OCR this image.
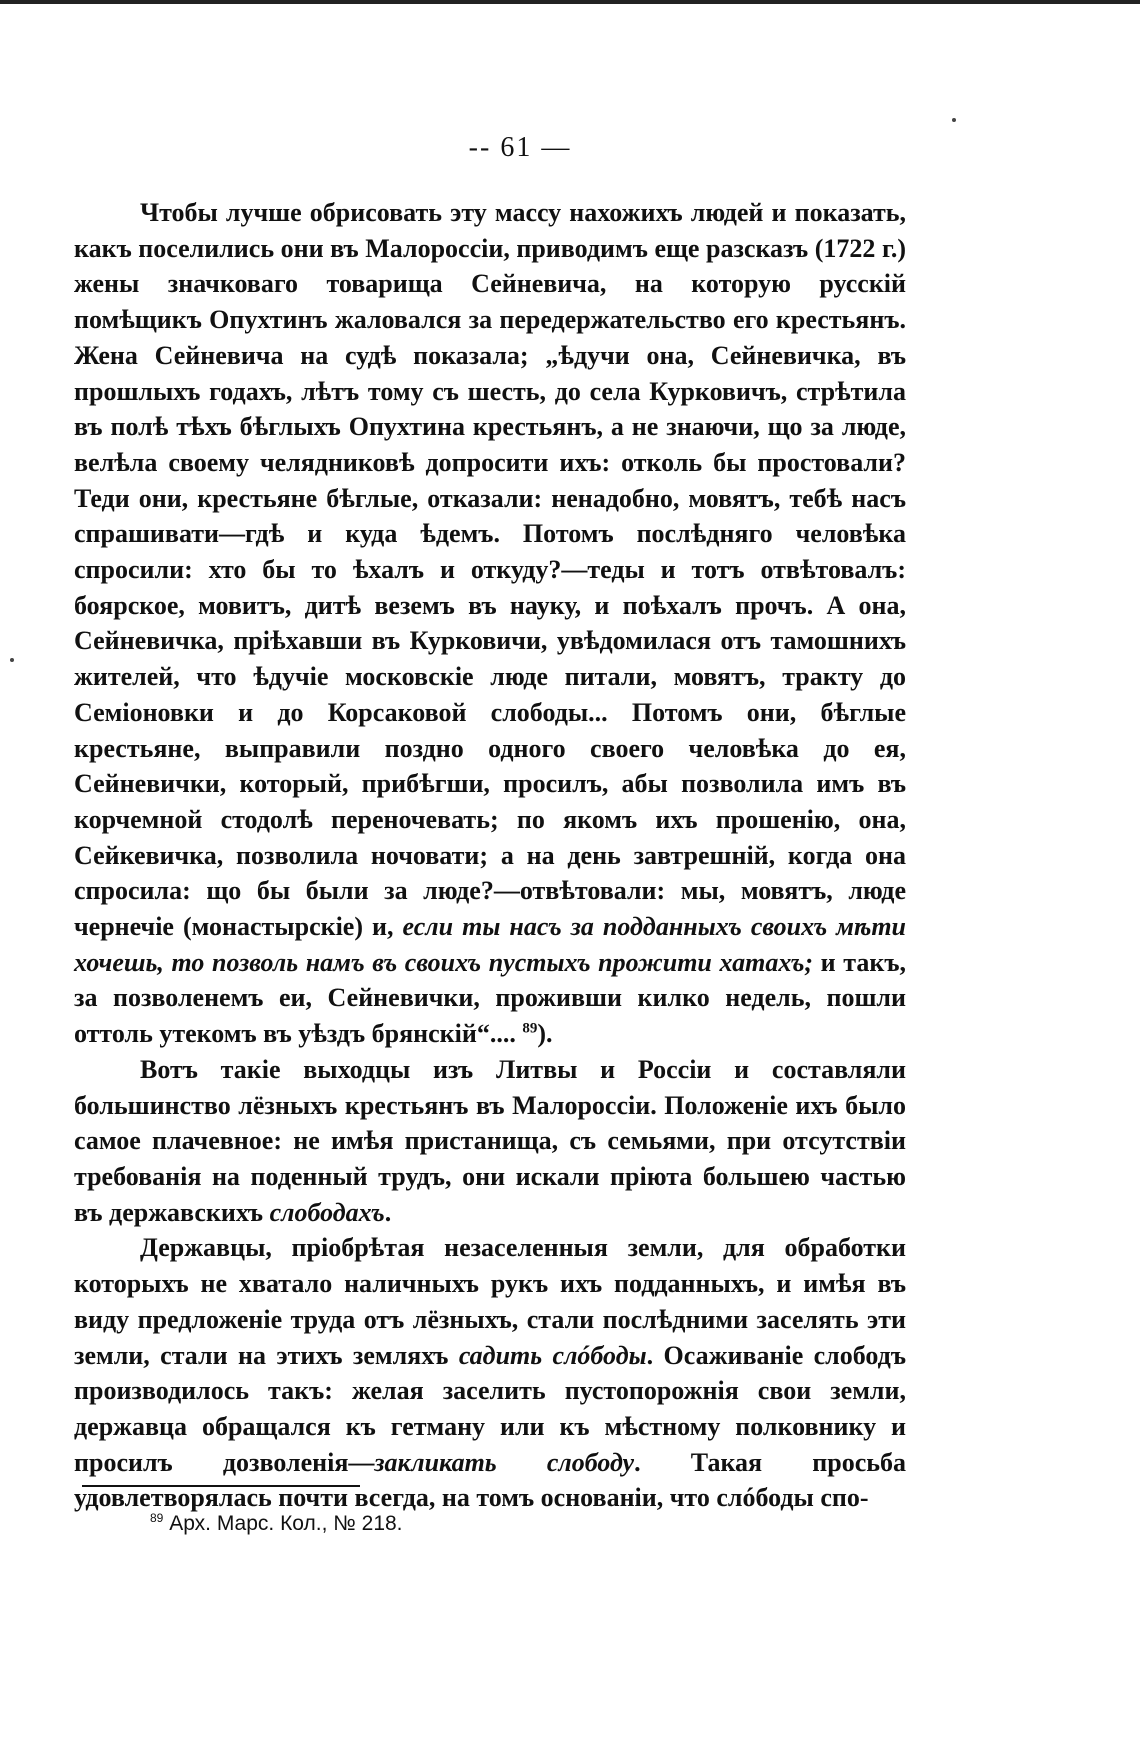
-- 61 —

Чтобы лучше обрисовать эту массу нахожихъ людей и показать, какъ поселились они въ Малороссіи, приводимъ еще разсказъ (1722 г.) жены значковаго товарища Сейневича, на которую русскій помѣщикъ Опухтинъ жаловался за передержательство его крестьянъ. Жена Сейневича на судѣ показала; „ѣдучи она, Сейневичка, въ прошлыхъ годахъ, лѣтъ тому съ шесть, до села Курковичъ, стрѣтила въ полѣ тѣхъ бѣглыхъ Опухтина крестьянъ, а не знаючи, що за люде, велѣла своему челядниковѣ допросити ихъ: отколь бы простовали? Теди они, крестьяне бѣглые, отказали: ненадобно, мовятъ, тебѣ насъ спрашивати—гдѣ и куда ѣдемъ. Потомъ послѣдняго человѣка спросили: хто бы то ѣхалъ и откуду?—теды и тотъ отвѣтовалъ: боярское, мовитъ, дитѣ веземъ въ науку, и поѣхалъ прочъ. А она, Сейневичка, пріѣхавши въ Курковичи, увѣдомилася отъ тамошнихъ жителей, что ѣдучіе московскіе люде питали, мовятъ, тракту до Семіоновки и до Корсаковой слободы... Потомъ они, бѣглые крестьяне, выправили поздно одного своего человѣка до ея, Сейневички, который, прибѣгши, просилъ, абы позволила имъ въ корчемной стодолѣ переночевать; по якомъ ихъ прошенію, она, Сейкевичка, позволила ночовати; а на день завтрешній, когда она спросила: що бы были за люде?—отвѣтовали: мы, мовятъ, люде чернечіе (монастырскіе) и, если ты насъ за подданныхъ своихъ мѣти хочешь, то позволь намъ въ своихъ пустыхъ прожити хатахъ; и такъ, за позволенемъ еи, Сейневички, проживши килко недель, пошли оттоль утекомъ въ уѣздъ брянскій“.... $^{89}$).

Вотъ такіе выходцы изъ Литвы и Россіи и составляли большинство лёзныхъ крестьянъ въ Малороссіи. Положеніе ихъ было самое плачевное: не имѣя пристанища, съ семьями, при отсутствіи требованія на поденный трудъ, они искали пріюта большею частью въ державскихъ слободахъ.

Державцы, пріобрѣтая незаселенныя земли, для обработки которыхъ не хватало наличныхъ рукъ ихъ подданныхъ, и имѣя въ виду предложеніе труда отъ лёзныхъ, стали послѣдними заселять эти земли, стали на этихъ земляхъ садить слóбоды. Осаживаніе слободъ производилось такъ: желая заселить пустопорожнія свои земли, державца обращался къ гетману или къ мѣстному полковнику и просилъ дозволенія—закликать слободу. Такая просьба удовлетворялась почти всегда, на томъ основаніи, что слóбоды спо-

$^{89}$ Арх. Марс. Кол., № 218.
